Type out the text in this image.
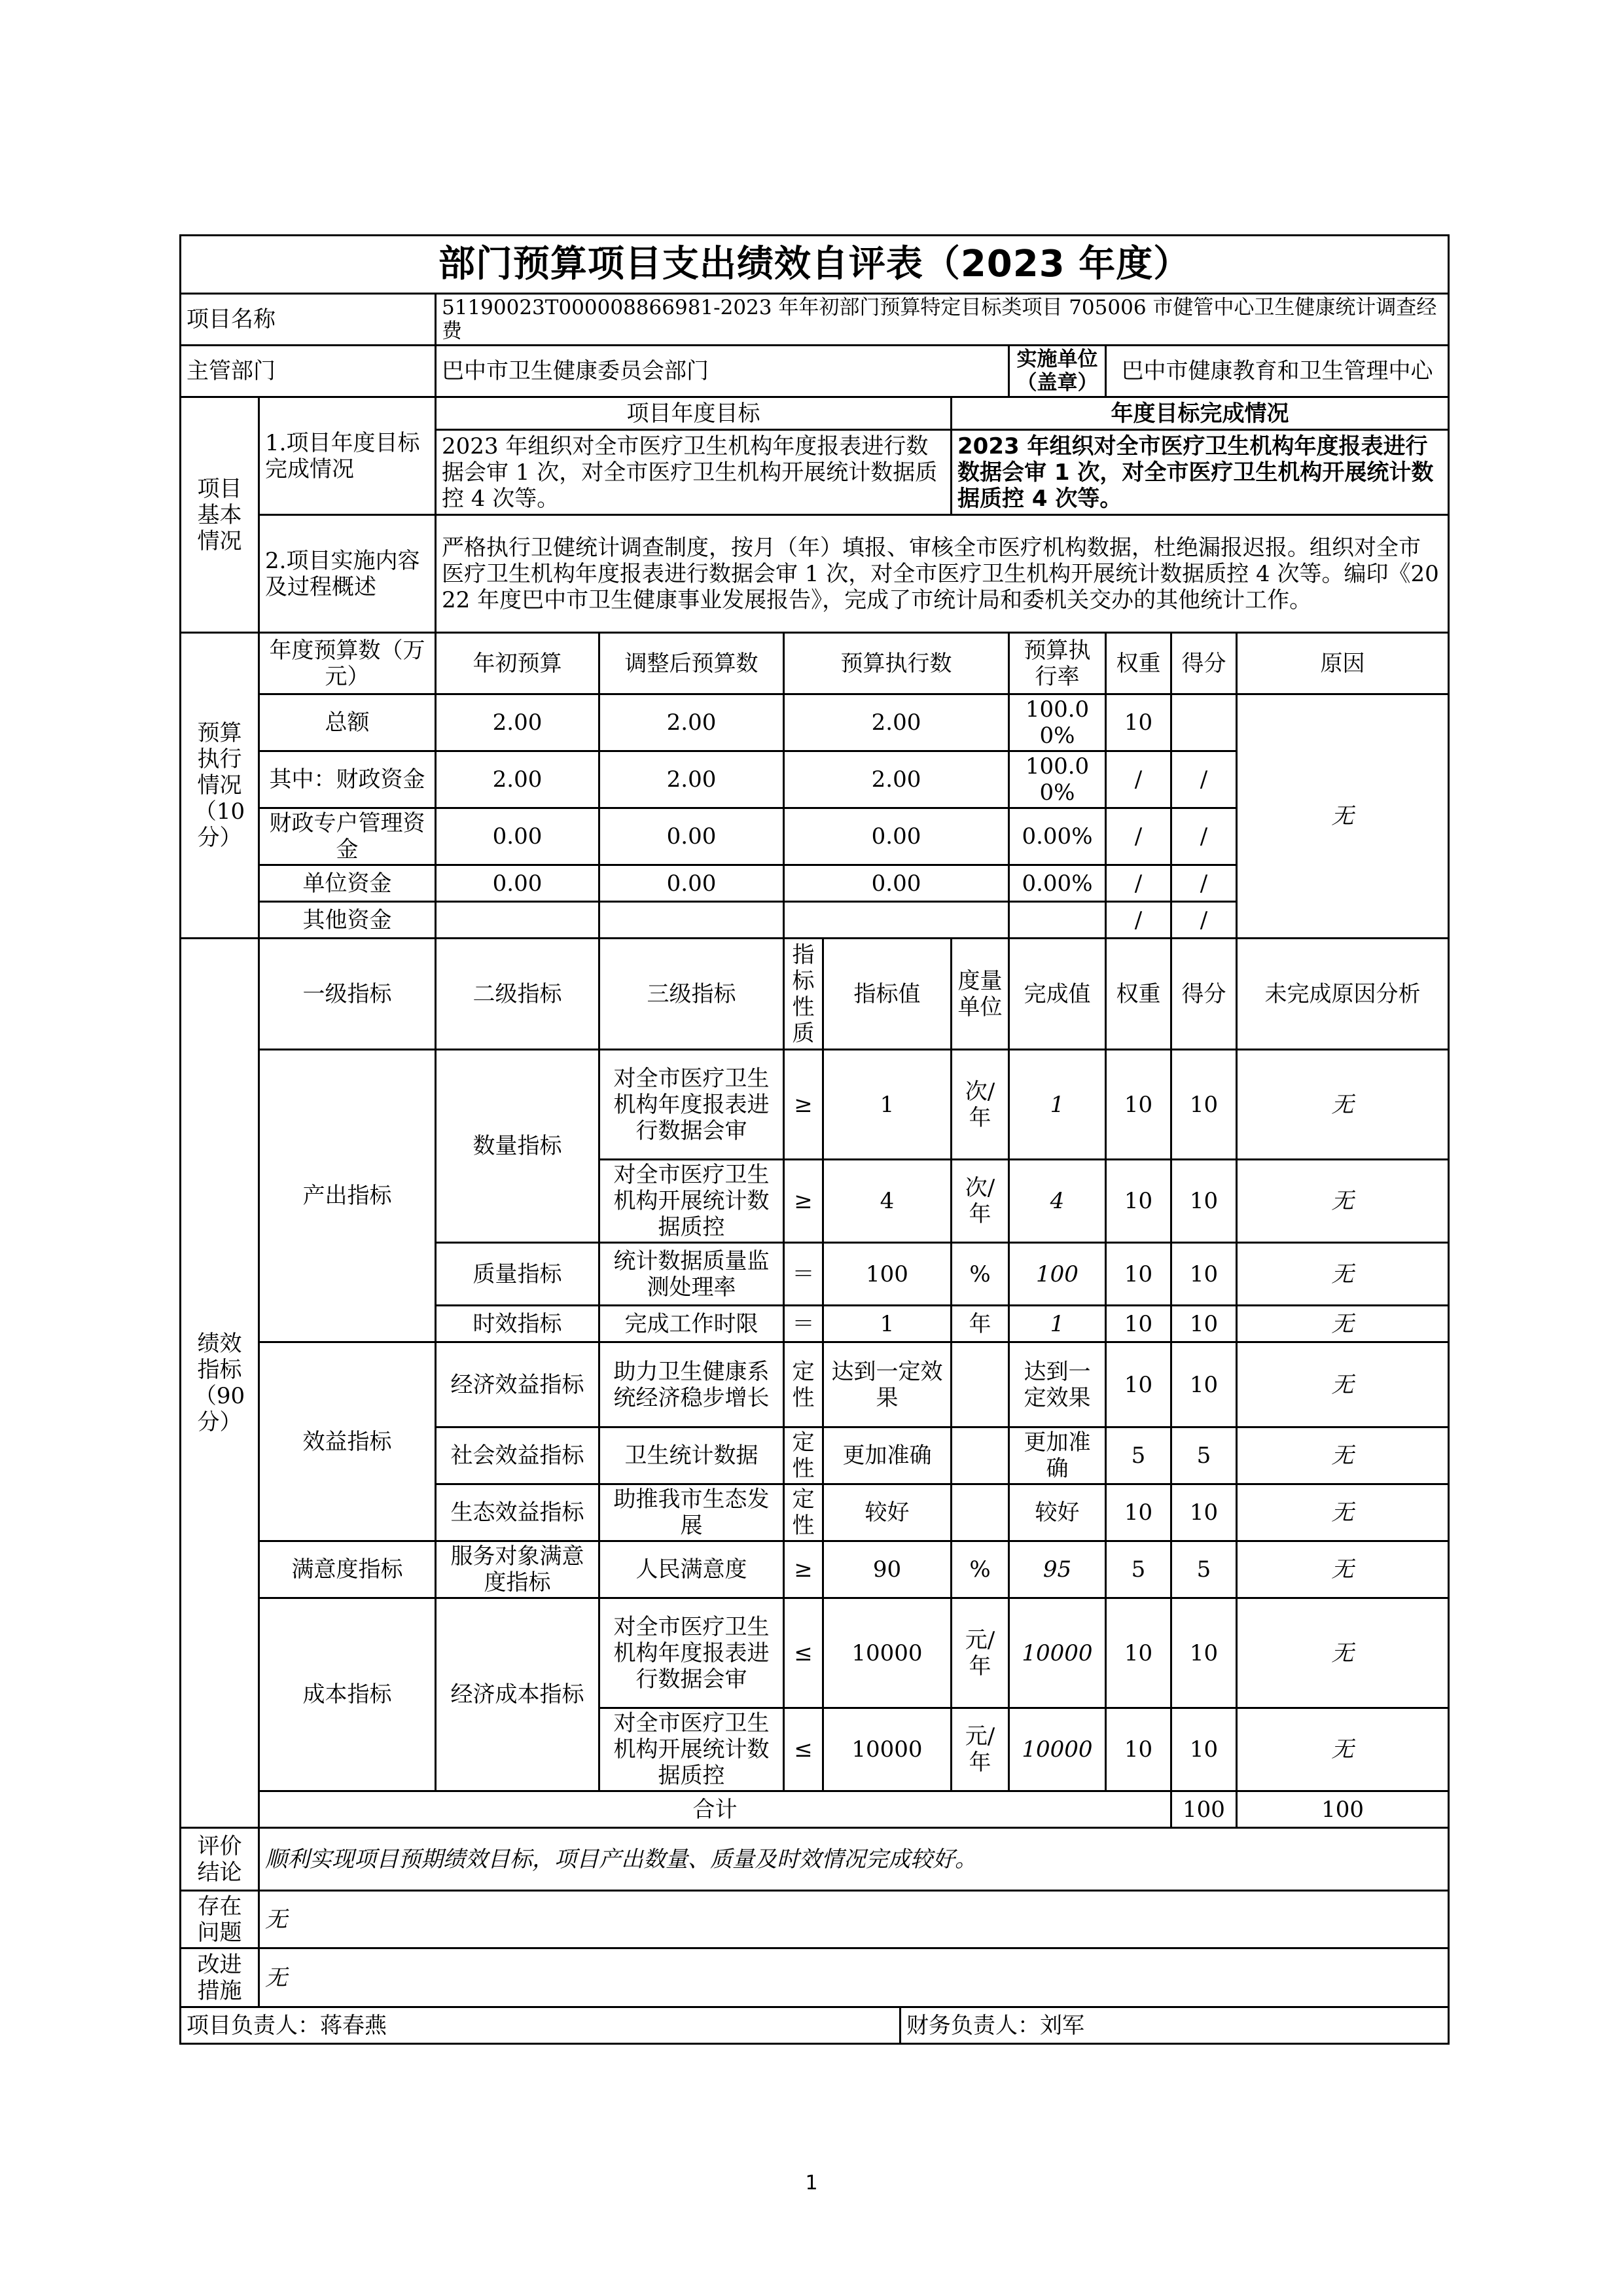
部门预算项目支出绩效自评表（2023 年度）												
项目名称		51190023T000008866981-2023 年年初部门预算特定目标类项目 705006 市健管中心卫生健康统计调查经费										
主管部门		巴中市卫生健康委员会部门						实施单位（盖章）	巴中市健康教育和卫生管理中心			
项目基本情况	1.项目年度目标完成情况	项目年度目标					年度目标完成情况					
		2023 年组织对全市医疗卫生机构年度报表进行数据会审 1 次，对全市医疗卫生机构开展统计数据质控 4 次等。					2023 年组织对全市医疗卫生机构年度报表进行数据会审 1 次，对全市医疗卫生机构开展统计数据质控 4 次等。					
	2.项目实施内容及过程概述	严格执行卫健统计调查制度，按月（年）填报、审核全市医疗机构数据，杜绝漏报迟报。组织对全市医疗卫生机构年度报表进行数据会审 1 次，对全市医疗卫生机构开展统计数据质控 4 次等。编印《2022 年度巴中市卫生健康事业发展报告》，完成了市统计局和委机关交办的其他统计工作。										

预算执行情况（10分）	年度预算数（万元）	年初预算	调整后预算数	预算执行数				预算执行率	权重	得分	原因	
	总额	2.00	2.00	2.00				100.00%	10		无	
	其中：财政资金	2.00	2.00	2.00				100.00%	/	/		
	财政专户管理资金	0.00	0.00	0.00				0.00%	/	/		
	单位资金	0.00	0.00	0.00				0.00%	/	/		
	其他资金								/	/		
绩效指标（90分）	一级指标	二级指标	三级指标	指标性质	指标值		度量单位	完成值	权重	得分	未完成原因分析	
	产出指标	数量指标	对全市医疗卫生机构年度报表进行数据会审	≥	1		次/年	1	10	10	无	
			对全市医疗卫生机构开展统计数据质控	≥	4		次/年	4	10	10	无	
		质量指标	统计数据质量监测处理率	＝	100		%	100	10	10	无	
		时效指标	完成工作时限	＝	1		年	1	10	10	无	
	效益指标	经济效益指标	助力卫生健康系统经济稳步增长	定性	达到一定效果			达到一定效果	10	10	无	
		社会效益指标	卫生统计数据	定性	更加准确			更加准确	5	5	无	
		生态效益指标	助推我市生态发展	定性	较好			较好	10	10	无	
	满意度指标	服务对象满意度指标	人民满意度	≥	90		%	95	5	5	无	
	成本指标	经济成本指标	对全市医疗卫生机构年度报表进行数据会审	≤	10000		元/年	10000	10	10	无	
			对全市医疗卫生机构开展统计数据质控	≤	10000		元/年	10000	10	10	无	
	合计									100	100	
评价结论	顺利实现项目预期绩效目标，项目产出数量、质量及时效情况完成较好。											
存在问题	无											
改进措施	无											
项目负责人：蒋春燕						财务负责人：刘军						
1
